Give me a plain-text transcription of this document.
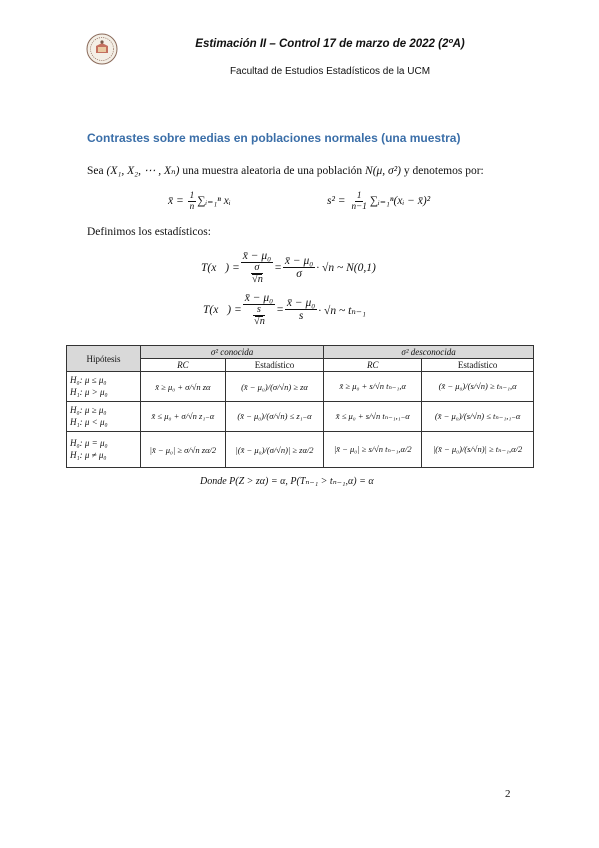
Estimación II – Control 17 de marzo de 2022 (2ºA)
Facultad de Estudios Estadísticos de la UCM
Contrastes sobre medias en poblaciones normales (una muestra)
Sea (X₁, X₂, ⋯ , Xₙ) una muestra aleatoria de una población N(μ, σ²) y denotemos por:
x̄ = $\frac{1}{n}$ ∑ᵢ₌₁ⁿ xᵢ	$s^2 = \frac{1}{n-1}$ ∑ᵢ₌₁ⁿ(xᵢ − x̄)²
Definimos los estadísticos:
T(x⃗) = x̄ − μ₀
σ
√ $n = \frac{\text{x̄ − μ₀}}{\sigma} \cdot √n$ ~ N(0,1)
T(x⃗) = x̄ − μ₀
s
√ $n = \frac{\text{x̄ − μ₀}}{s} \cdot √n$ ~ tₙ₋₁
Hipótesis	σ² conocida		σ² desconocida	
	RC	Estadístico	RC	Estadístico

H₀: μ ≤ μ₀
H₁: μ > μ₀	x̄ ≥ μ₀ + σ/√n zα	(x̄ − μ₀)/(σ/√n) ≥ zα	x̄ ≥ μ₀ + s/√n tₙ₋₁,α	(x̄ − μ₀)/(s/√n) ≥ tₙ₋₁,α

H₀: μ ≥ μ₀
H₁: μ < μ₀	x̄ ≤ μ₀ + σ/√n z₁₋α	(x̄ − μ₀)/(σ/√n) ≤ z₁₋α	x̄ ≤ μ₀ + s/√n tₙ₋₁,₁₋α	(x̄ − μ₀)/(s/√n) ≤ tₙ₋₁,₁₋α

H₀: μ = μ₀
H₁: μ ≠ μ₀	|x̄ − μ₀| ≥ σ/√n zα/2	|(x̄ − μ₀)/(σ/√n)| ≥ zα/2	|x̄ − μ₀| ≥ s/√n tₙ₋₁,α/2	|(x̄ − μ₀)/(s/√n)| ≥ tₙ₋₁,α/2
Donde P(Z > zα) = α, P(Tₙ₋₁ > tₙ₋₁,α) = α
2
